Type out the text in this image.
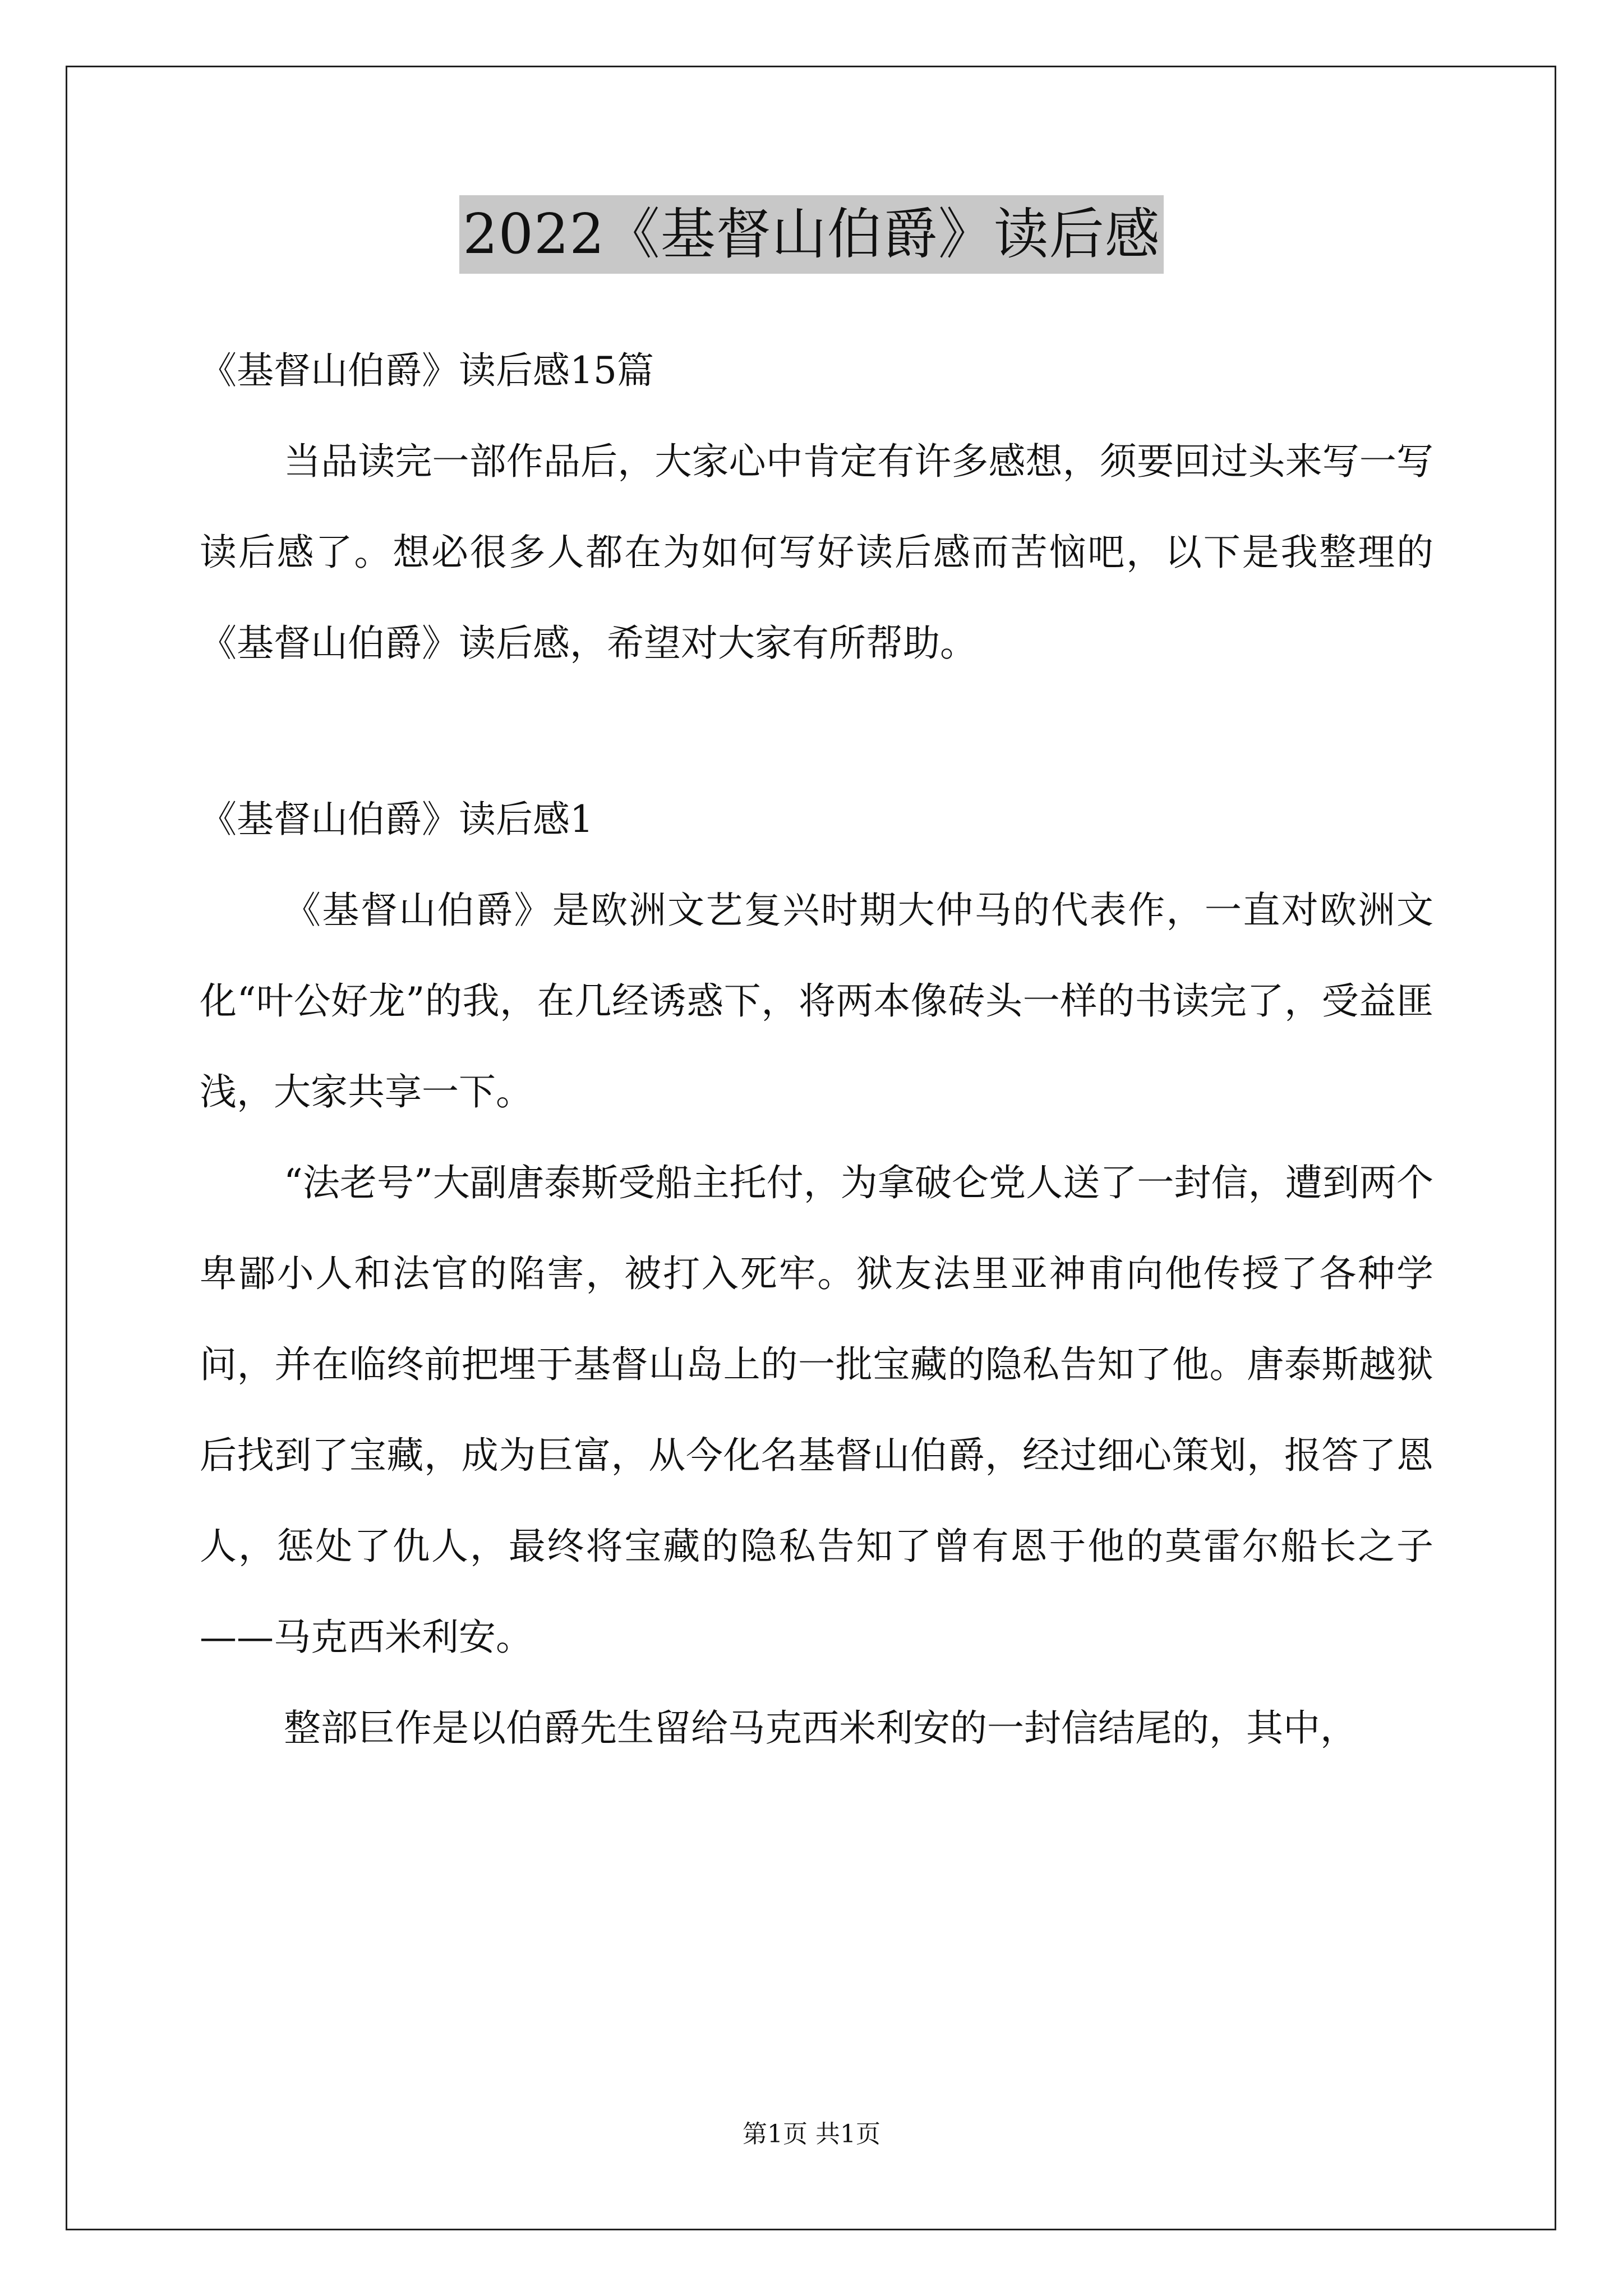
2022《基督山伯爵》读后感

《基督山伯爵》读后感15篇

当品读完一部作品后，大家心中肯定有许多感想，须要回过头来写一写读后感了。想必很多人都在为如何写好读后感而苦恼吧，以下是我整理的《基督山伯爵》读后感，希望对大家有所帮助。

《基督山伯爵》读后感1

《基督山伯爵》是欧洲文艺复兴时期大仲马的代表作，一直对欧洲文化“叶公好龙”的我，在几经诱惑下，将两本像砖头一样的书读完了，受益匪浅，大家共享一下。

“法老号”大副唐泰斯受船主托付，为拿破仑党人送了一封信，遭到两个卑鄙小人和法官的陷害，被打入死牢。狱友法里亚神甫向他传授了各种学问，并在临终前把埋于基督山岛上的一批宝藏的隐私告知了他。唐泰斯越狱后找到了宝藏，成为巨富，从今化名基督山伯爵，经过细心策划，报答了恩人，惩处了仇人，最终将宝藏的隐私告知了曾有恩于他的莫雷尔船长之子——马克西米利安。

整部巨作是以伯爵先生留给马克西米利安的一封信结尾的，其中，

第1页 共1页
